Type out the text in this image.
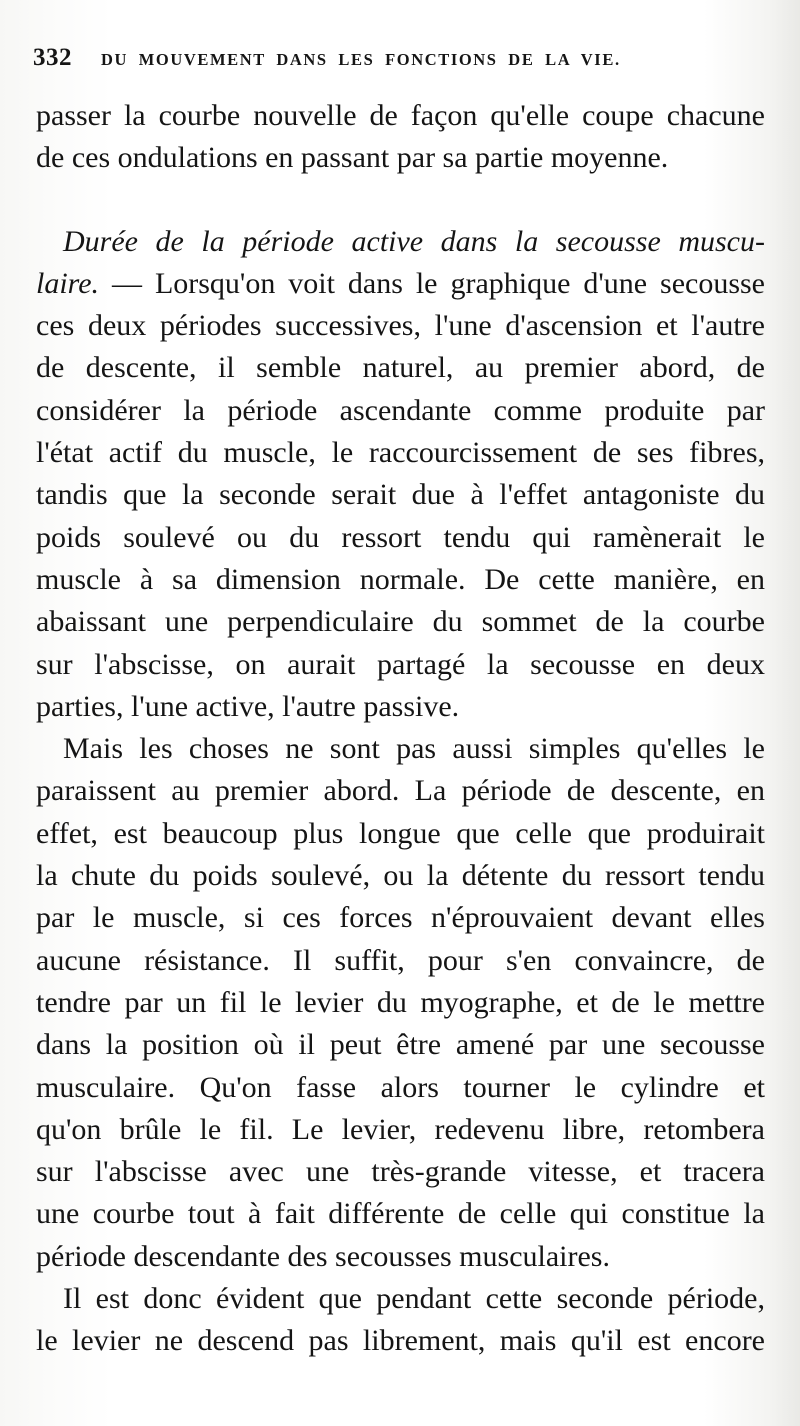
332 DU MOUVEMENT DANS LES FONCTIONS DE LA VIE.
passer la courbe nouvelle de façon qu'elle coupe chacune
de ces ondulations en passant par sa partie moyenne.
Durée de la période active dans la secousse muscu-
laire. — Lorsqu'on voit dans le graphique d'une secousse
ces deux périodes successives, l'une d'ascension et l'autre
de descente, il semble naturel, au premier abord, de
considérer la période ascendante comme produite par
l'état actif du muscle, le raccourcissement de ses fibres,
tandis que la seconde serait due à l'effet antagoniste du
poids soulevé ou du ressort tendu qui ramènerait le
muscle à sa dimension normale. De cette manière, en
abaissant une perpendiculaire du sommet de la courbe
sur l'abscisse, on aurait partagé la secousse en deux
parties, l'une active, l'autre passive.
Mais les choses ne sont pas aussi simples qu'elles le
paraissent au premier abord. La période de descente, en
effet, est beaucoup plus longue que celle que produirait
la chute du poids soulevé, ou la détente du ressort tendu
par le muscle, si ces forces n'éprouvaient devant elles
aucune résistance. Il suffit, pour s'en convaincre, de
tendre par un fil le levier du myographe, et de le mettre
dans la position où il peut être amené par une secousse
musculaire. Qu'on fasse alors tourner le cylindre et
qu'on brûle le fil. Le levier, redevenu libre, retombera
sur l'abscisse avec une très-grande vitesse, et tracera
une courbe tout à fait différente de celle qui constitue la
période descendante des secousses musculaires.
Il est donc évident que pendant cette seconde période,
le levier ne descend pas librement, mais qu'il est encore
